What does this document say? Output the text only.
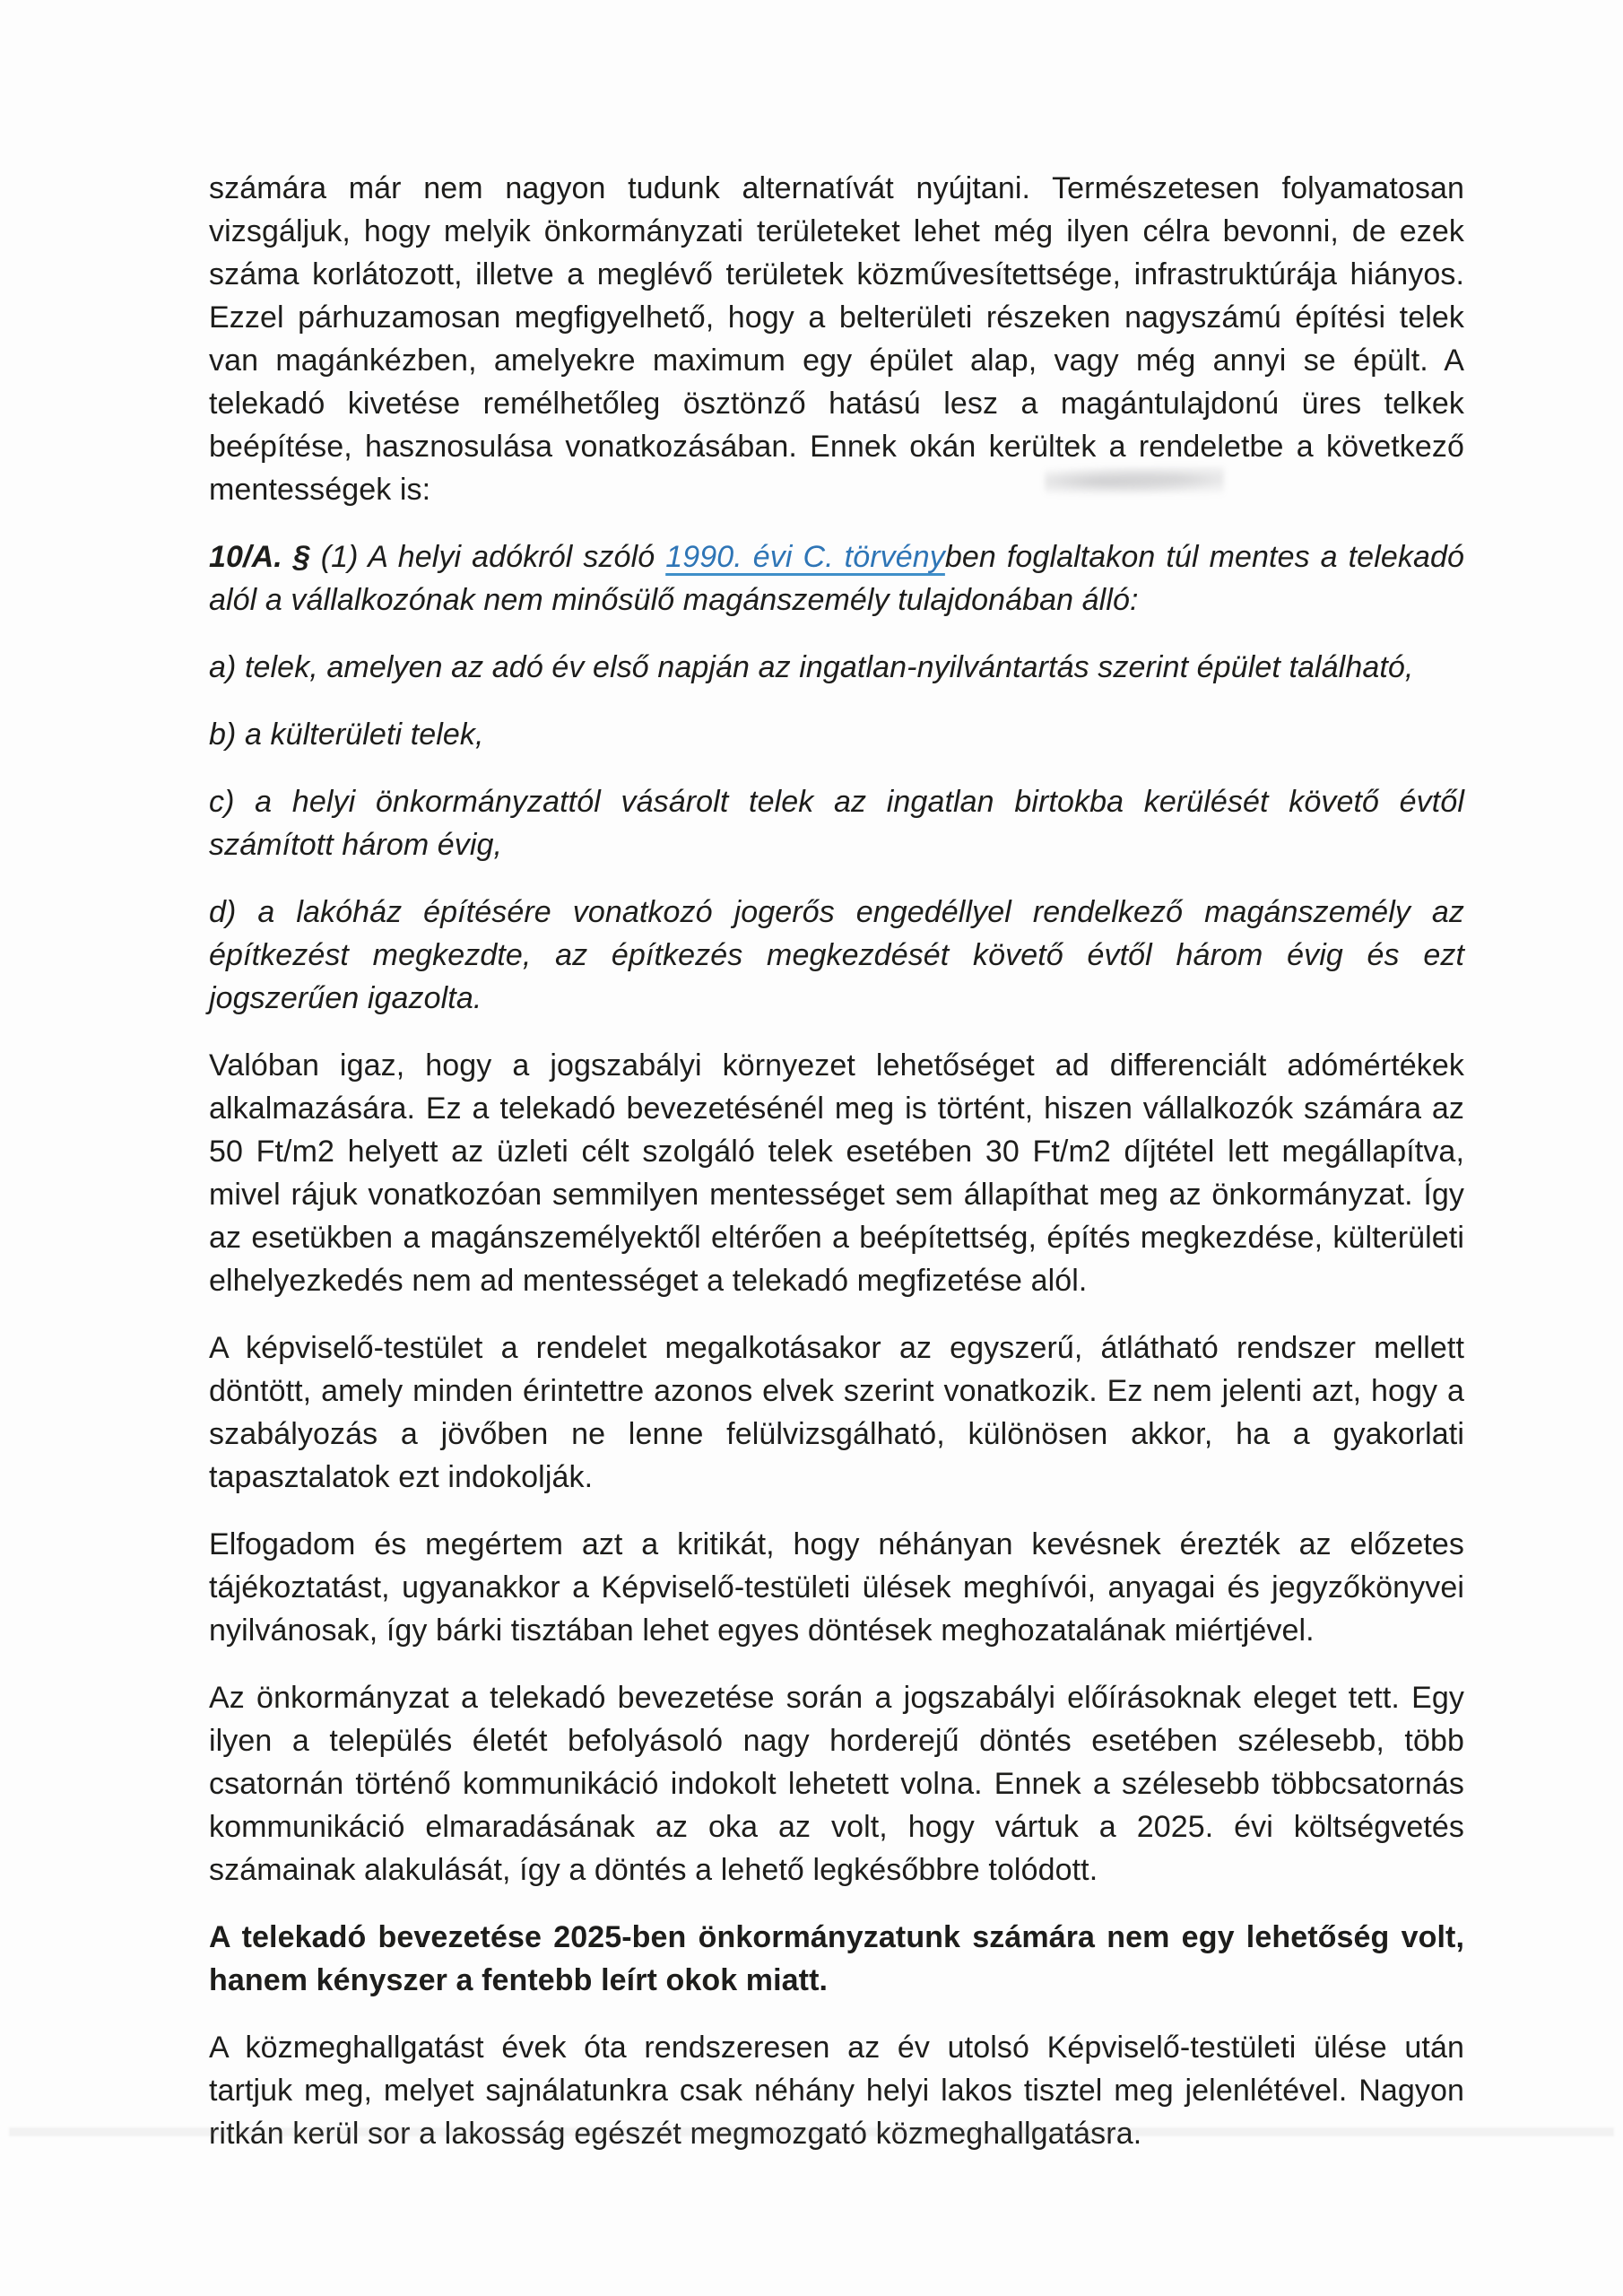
számára már nem nagyon tudunk alternatívát nyújtani. Természetesen folyamatosan vizsgáljuk, hogy melyik önkormányzati területeket lehet még ilyen célra bevonni, de ezek száma korlátozott, illetve a meglévő területek közművesítettsége, infrastruktúrája hiányos. Ezzel párhuzamosan megfigyelhető, hogy a belterületi részeken nagyszámú építési telek van magánkézben, amelyekre maximum egy épület alap, vagy még annyi se épült. A telekadó kivetése remélhetőleg ösztönző hatású lesz a magántulajdonú üres telkek beépítése, hasznosulása vonatkozásában. Ennek okán kerültek a rendeletbe a következő mentességek is:

10/A. § (1) A helyi adókról szóló 1990. évi C. törvényben foglaltakon túl mentes a telekadó alól a vállalkozónak nem minősülő magánszemély tulajdonában álló:

a) telek, amelyen az adó év első napján az ingatlan-nyilvántartás szerint épület található,

b) a külterületi telek,

c) a helyi önkormányzattól vásárolt telek az ingatlan birtokba kerülését követő évtől számított három évig,

d) a lakóház építésére vonatkozó jogerős engedéllyel rendelkező magánszemély az építkezést megkezdte, az építkezés megkezdését követő évtől három évig és ezt jogszerűen igazolta.

Valóban igaz, hogy a jogszabályi környezet lehetőséget ad differenciált adómértékek alkalmazására. Ez a telekadó bevezetésénél meg is történt, hiszen vállalkozók számára az 50 Ft/m2 helyett az üzleti célt szolgáló telek esetében 30 Ft/m2 díjtétel lett megállapítva, mivel rájuk vonatkozóan semmilyen mentességet sem állapíthat meg az önkormányzat. Így az esetükben a magánszemélyektől eltérően a beépítettség, építés megkezdése, külterületi elhelyezkedés nem ad mentességet a telekadó megfizetése alól.

A képviselő-testület a rendelet megalkotásakor az egyszerű, átlátható rendszer mellett döntött, amely minden érintettre azonos elvek szerint vonatkozik. Ez nem jelenti azt, hogy a szabályozás a jövőben ne lenne felülvizsgálható, különösen akkor, ha a gyakorlati tapasztalatok ezt indokolják.

Elfogadom és megértem azt a kritikát, hogy néhányan kevésnek érezték az előzetes tájékoztatást, ugyanakkor a Képviselő-testületi ülések meghívói, anyagai és jegyzőkönyvei nyilvánosak, így bárki tisztában lehet egyes döntések meghozatalának miértjével.

Az önkormányzat a telekadó bevezetése során a jogszabályi előírásoknak eleget tett. Egy ilyen a település életét befolyásoló nagy horderejű döntés esetében szélesebb, több csatornán történő kommunikáció indokolt lehetett volna. Ennek a szélesebb többcsatornás kommunikáció elmaradásának az oka az volt, hogy vártuk a 2025. évi költségvetés számainak alakulását, így a döntés a lehető legkésőbbre tolódott.

A telekadó bevezetése 2025-ben önkormányzatunk számára nem egy lehetőség volt, hanem kényszer a fentebb leírt okok miatt.

A közmeghallgatást évek óta rendszeresen az év utolsó Képviselő-testületi ülése után tartjuk meg, melyet sajnálatunkra csak néhány helyi lakos tisztel meg jelenlétével. Nagyon ritkán kerül sor a lakosság egészét megmozgató közmeghallgatásra.
